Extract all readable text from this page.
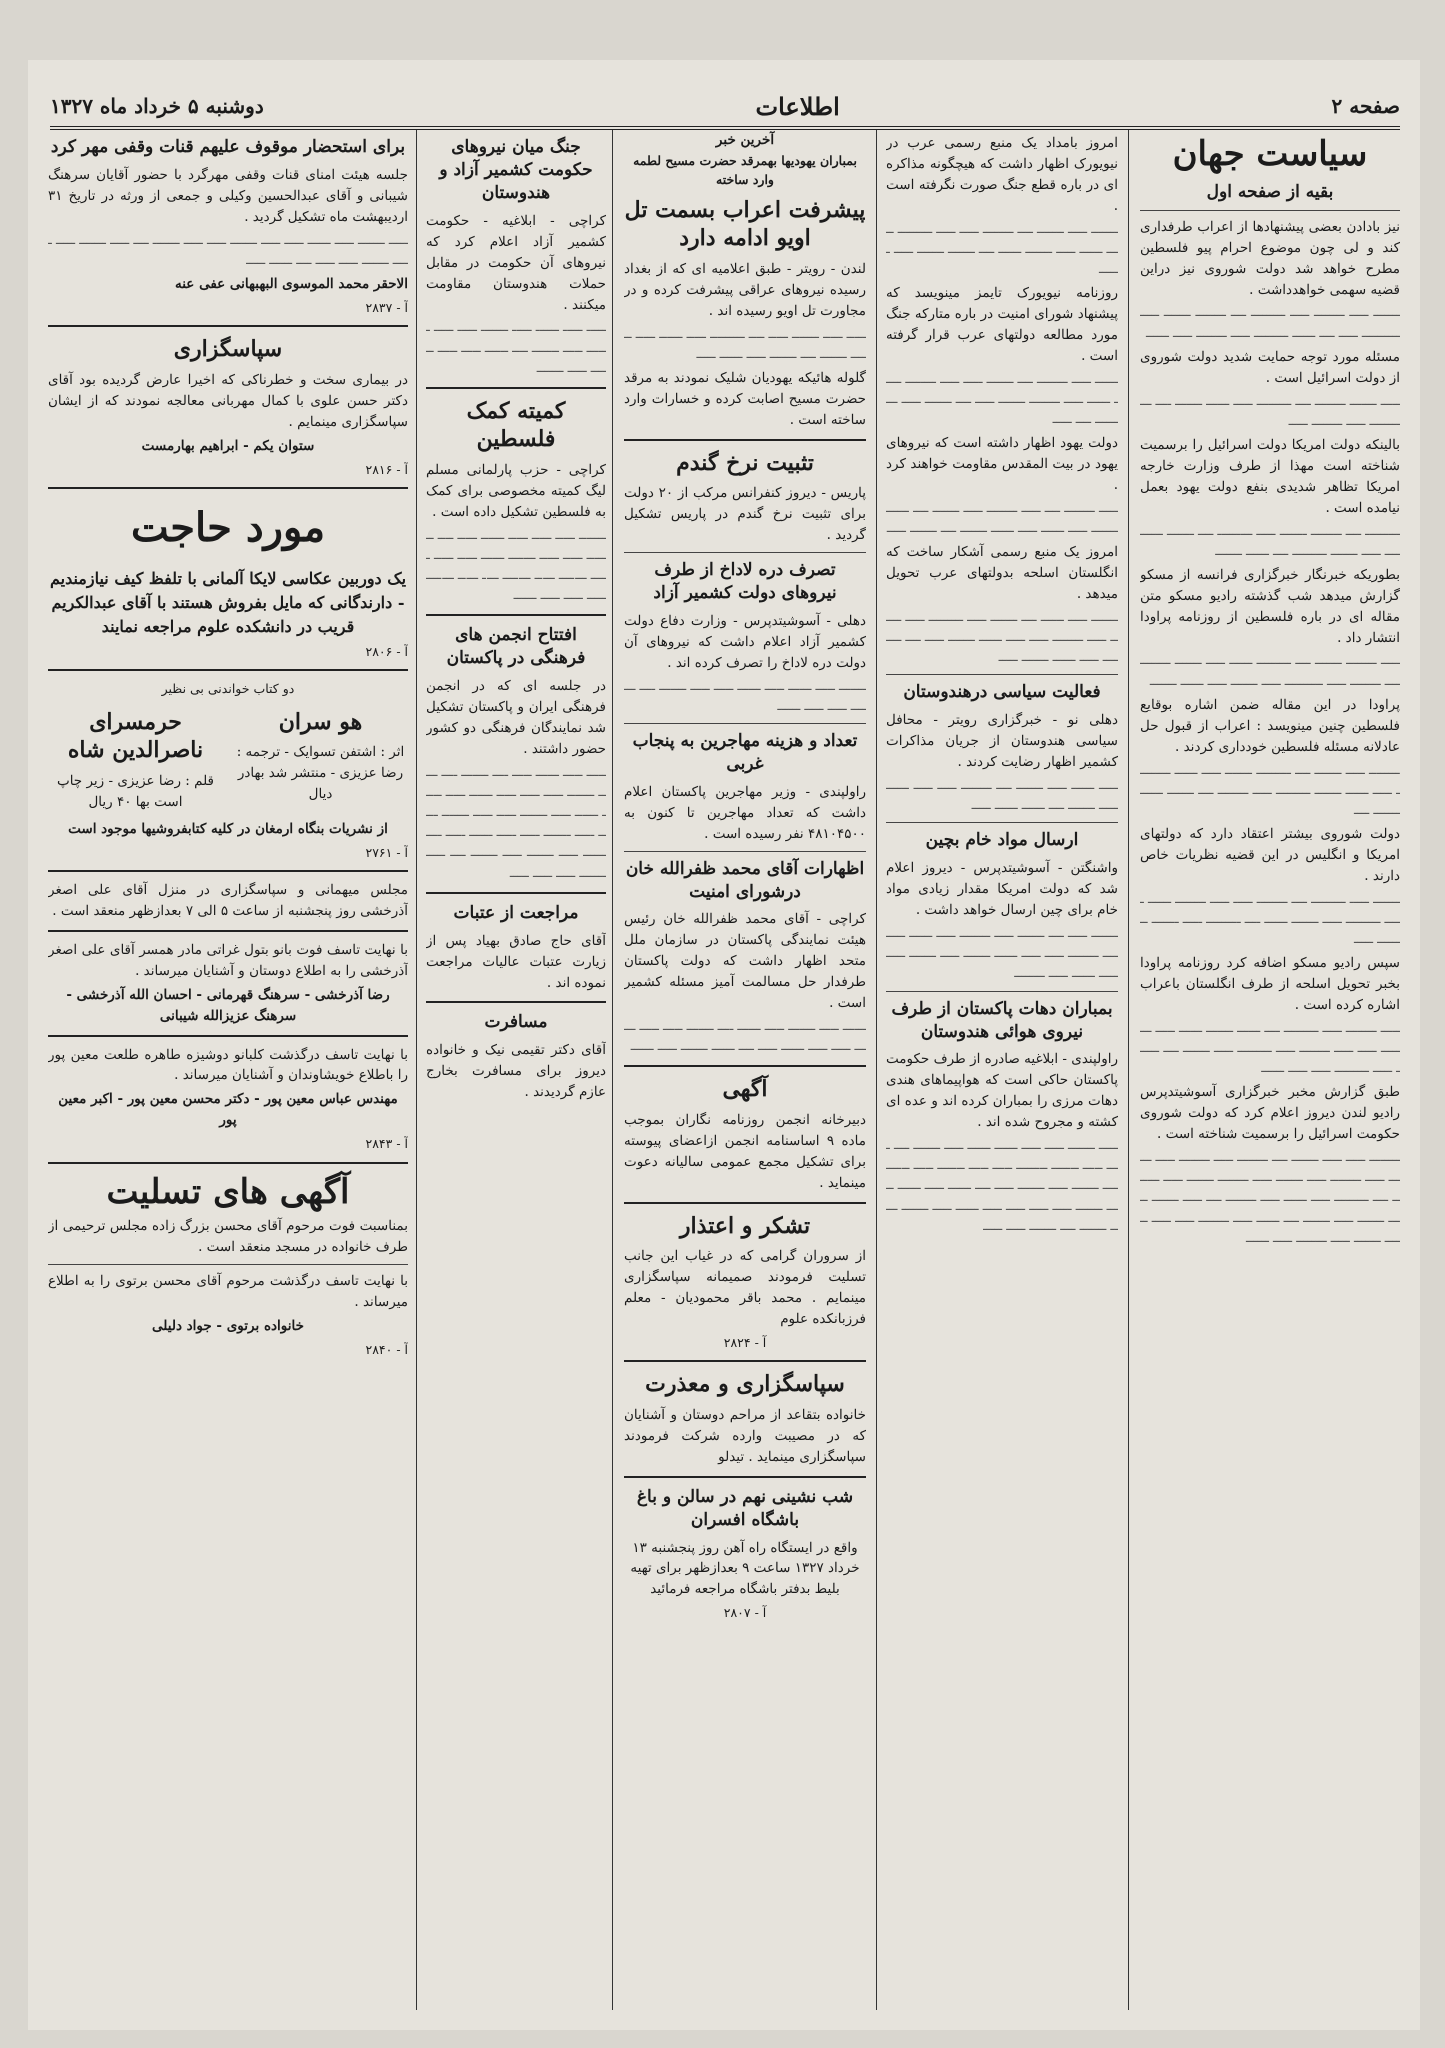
صفحه ۲
اطلاعات
دوشنبه ۵ خرداد ماه ۱۳۲۷
سیاست جهان
بقیه از صفحه اول

نیز بادادن بعضی پیشنهادها از اعراب طرفداری کند و لی چون موضوع احرام پیو فلسطین مطرح خواهد شد دولت شوروی نیز دراین قضیه سهمی خواهدداشت .

ـــــــ ـــــ ــــــــ ـــــ ـــــــــ ــــ ــــــــ ـــــــ ـــــ ــــــــــ ـــــ ــــ ــــــ ـــــــــ ـــــ ــــــــ ـــــ ــــــ

مسئله مورد توجه حمایت شدید دولت شوروی از دولت اسرائیل است .

ـــــ ـــــــ ــــــــ ــــ ـــــــــ ـــــ ــــــ ـــــــ ــــ ـــــــــــ ـــــ ــــــــ ـــــ

بالینکه دولت امریکا دولت اسرائیل را برسمیت شناخته است مهذا از طرف وزارت خارجه امریکا تظاهر شدیدی بنفع دولت یهود بعمل نیامده است .

ـــــــــ ــــ ــــــــ ـــــــ ـــــ ـــــــــ ــــ ـــــــ ــــــــــ ـــــ ـــــــ ـــــــــ ــــ ــــــ ـــــــ

بطوریکه خبرنگار خبرگزاری فرانسه از مسکو گزارش میدهد شب گذشته رادیو مسکو متن مقاله ای در باره فلسطین از روزنامه پراودا انتشار داد .

ـــــ ــــــــ ـــــــ ــــ ـــــــــ ــــــ ـــــ ـــــــ ــــــــ ــــ ــــــــ ـــــ ــــــــــ ـــــ ـــــــ ـــــ ــــــ ـــــــ

پراودا در این مقاله ضمن اشاره بوقایع فلسطین چنین مینویسد : اعراب از قبول حل عادلانه مسئله فلسطین خودداری کردند .

ــــــــ ـــــ ـــــــ ــــ ـــــــــ ـــــــ ـــــ ــــــ ـــــــــ ـــــ ــــــ ـــــــ ـــــــــ ـــــ ــــــــ ــــ ـــــــ ــــــ ـــــــ ــــ

دولت شوروی بیشتر اعتقاد دارد که دولتهای امریکا و انگلیس در این قضیه نظریات خاص دارند .

ـــــــ ـــــ ـــــــــ ــــ ــــــــ ـــــ ـــــ ــــــــ ــــــ ـــــ ـــــــــ ـــــ ـــــــ ــــــ ــــ ـــــــــ ـــــ ـــــــ ــــــــ ـــــ

سپس رادیو مسکو اضافه کرد روزنامه پراودا بخبر تحویل اسلحه از طرف انگلستان باعراب اشاره کرده است .

ـــــ ــــــــ ـــــ ـــــــــ ــــ ــــــ ـــــــ ــــــ ـــــ ــــــــ ـــــ ـــــ ــــــــ ـــــ ـــــــــ ـــــ ـــــــ ــــ ــــــ ـــــ ـــــــــ ـــــ ـــــ ــــــ

طبق گزارش مخبر خبرگزاری آسوشیتدپرس رادیو لندن دیروز اعلام کرد که دولت شوروی حکومت اسرائیل را برسمیت شناخته است .

ــــــــ ـــــ ـــــ ـــــــ ــــ ــــــــ ـــــ ــــــــ ـــــ ــــــ ـــــ ــــــــ ـــــ ـــــــ ـــــ ــــــــ ـــــــ ـــــ ـــــــ ــــ ـــــــــ ـــــ ــــــ ـــــ ــــــــ ــــ ـــــ ـــــــ ـــــ ـــــــ ـــــ ـــــــ ــــ ــــــ ـــــ ــــــــ ـــــ ـــــ ــــــ ـــــــ ـــــ ــــــــ ـــــ ــــــ

امروز بامداد یک منبع رسمی عرب در نیویورک اظهار داشت که هیچگونه مذاکره ای در باره قطع جنگ صورت نگرفته است .

ـــــــ ـــــ ـــــــ ــــ ــــــــ ـــــ ـــــ ـــــــــ ـــــ ــــــ ـــــ ـــــــ ــــــ ــــ ـــــــ ـــــــ ـــــ ــــــ

روزنامه نیویورک تایمز مینویسد که پیشنهاد شورای امنیت در باره متارکه جنگ مورد مطالعه دولتهای عرب قرار گرفته است .

ــــــ ـــــ ــــــــ ــــ ـــــــ ـــــ ـــــ ــــــــ ـــــ ــــــ ـــــ ــــــــ ـــــــ ـــــ ــــ ـــــــ ـــــ ـــــــــ ــــ ـــــ

دولت یهود اظهار داشته است که نیروهای یهود در بیت المقدس مقاومت خواهند کرد .

ـــــ ــــــــ ــــ ـــــ ــــــــ ـــــ ـــــــ ــــ ــــــ ـــــــ ـــــ ــــــ ـــــ ــــــ ـــــــ ــــ ـــــــ ـــــ

امروز یک منبع رسمی آشکار ساخت که انگلستان اسلحه بدولتهای عرب تحویل میدهد .

ـــــــ ـــــ ــــــ ــــ ـــــــ ـــــ ـــــــــ ـــــ ــــــ ـــــ ــــــــ ـــــ ـــــ ــــــ ـــــــ ـــــ ــــ ــــــــ ـــــ ــــــ ـــــــ ـــــ

فعالیت سیاسی درهندوستان

دهلی نو - خبرگزاری رویتر - محافل سیاسی هندوستان از جریان مذاکرات کشمیر اظهار رضایت کردند .

ـــــ ــــــ ـــــ ـــــــ ــــ ــــــــ ـــــ ـــــ ــــــ ـــــ ـــــــ ــــ ــــــ ــــــ ـــــ

ارسال مواد خام بچین

واشنگتن - آسوشیتدپرس - دیروز اعلام شد که دولت امریکا مقدار زیادی مواد خام برای چین ارسال خواهد داشت .

ـــــــ ـــــ ــــ ـــــــ ـــــ ــــــــ ـــــ ــــــ ـــــ ــــ ــــــــ ـــــ ـــــ ــــــ ـــــــ ـــــ ـــــــ ـــــ ـــــ ــــــ ـــــ ــــــــ

بمباران دهات پاکستان از طرف نیروی هوائی هندوستان

راولپندی - ابلاغیه صادره از طرف حکومت پاکستان حاکی است که هواپیماهای هندی دهات مرزی را بمباران کرده اند و عده ای کشته و مجروح شده اند .

ـــــ ـــــــ ـــــ ـــــ ــــــ ــــــ ـــــ ـــــــ ــــ ــــ ـــــ ـــــــ ــــــــ ـــــ ـــــ ـــــــ ـــــ ــــــ ــــ ـــــــ ـــــ ـــــــ ـــــ ــــ ــــــ ـــــ ــــــ ـــــ ـــــــ ـــــ ـــــ ـــــ ـــــ ــــــ ـــــ ـــــــ ـــــ ـــــــ ــــ ـــــــ ـــــ ـــــ

آخرین خبر
بمباران یهودیها بهمرقد حضرت مسیح لطمه وارد ساخته
پیشرفت اعراب بسمت تل اویو ادامه دارد

لندن - رویتر - طبق اعلامیه ای که از بغداد رسیده نیروهای عراقی پیشرفت کرده و در مجاورت تل اویو رسیده اند .

ـــــ ـــــ ـــــــ ـــــ ــــ ـــــــــ ـــــ ــــــ ـــــ ــــــ ـــــــ ــــ ـــــــ ـــــ ــــــ ـــــ

گلوله هائیکه یهودیان شلیک نمودند به مرقد حضرت مسیح اصابت کرده و خسارات وارد ساخته است .

تثبیت نرخ گندم

پاریس - دیروز کنفرانس مرکب از ۲۰ دولت برای تثبیت نرخ گندم در پاریس تشکیل گردید .

تصرف دره لاداخ از طرف نیروهای دولت کشمیر آزاد

دهلی - آسوشیتدپرس - وزارت دفاع دولت کشمیر آزاد اعلام داشت که نیروهای آن دولت دره لاداخ را تصرف کرده اند .

ـــــــ ـــــ ــــــ ـــــ ــــــ ـــــ ـــــ ـــــــ ــــ ـــــــ ـــــ ـــــ ــــــ

تعداد و هزینه مهاجرین به پنجاب غربی

راولپندی - وزیر مهاجرین پاکستان اعلام داشت که تعداد مهاجرین تا کنون به ۴۸۱۰۴۵۰۰ نفر رسیده است .

اظهارات آقای محمد ظفرالله خان درشورای امنیت

کراچی - آقای محمد ظفرالله خان رئیس هیئت نمایندگی پاکستان در سازمان ملل متحد اظهار داشت که دولت پاکستان طرفدار حل مسالمت آمیز مسئله کشمیر است .

ــــــ ـــــ ـــــــ ـــــ ــــــ ــــ ـــــــ ـــــ ـــــ ــــــ ـــــ ـــــ ــــــ ـــــ ــــ ــــــ ـــــــ ـــــ ــــــ

آگهی

دبیرخانه انجمن روزنامه نگاران بموجب ماده ۹ اساسنامه انجمن ازاعضای پیوسته برای تشکیل مجمع عمومی سالیانه دعوت مینماید .

تشکر و اعتذار

از سروران گرامی که در غیاب این جانب تسلیت فرمودند صمیمانه سپاسگزاری مینمایم . محمد باقر محمودیان - معلم فرزبانکده علوم

آ - ۲۸۲۴

سپاسگزاری و معذرت

خانواده بتقاعد از مراحم دوستان و آشنایان که در مصیبت وارده شرکت فرمودند سپاسگزاری مینماید . تیدلو

شب نشینی نهم در سالن و باغ باشگاه افسران

واقع در ایستگاه راه آهن روز پنجشنبه ۱۳ خرداد ۱۳۲۷ ساعت ۹ بعدازظهر برای تهیه بلیط بدفتر باشگاه مراجعه فرمائید

آ - ۲۸۰۷

جنگ میان نیروهای حکومت کشمیر آزاد و هندوستان

کراچی - ابلاغیه - حکومت کشمیر آزاد اعلام کرد که نیروهای آن حکومت در مقابل حملات هندوستان مقاومت میکنند .

ـــــ ـــــ ــــــ ـــــ ـــــــ ـــــ ـــــ ــــــ ـــــ ـــــــ ــــ ــــــ ـــــ ـــــ ــــــ ـــــ ـــــــ

کمیته کمک فلسطین

کراچی - حزب پارلمانی مسلم لیگ کمیته مخصوصی برای کمک به فلسطین تشکیل داده است .

ـــــــ ـــــ ـــــ ـــــ ــــــ ـــــ ــــ ـــــــ ـــــ ـــــ ـــــــ ــــــ ـــــ ـــــ ـــــ ـــــــ ـــــ ـــــــ ــــ ـــــ ـــــــ ـــــ ـــــ ـــــ ــــــ

افتتاح انجمن های فرهنگی در پاکستان

در جلسه ای که در انجمن فرهنگی ایران و پاکستان تشکیل شد نمایندگان فرهنگی دو کشور حضور داشتند .

ـــــ ـــــ ــــــ ـــــ ــــ ـــــــ ــــ ـــــ ـــــــ ـــــ ـــــ ـــــ ــــــ ـــــ ـــــ ــــــ ـــــ ـــــــ ـــــ ـــــ ـــــــ ـــــ ـــــ ـــــــ ـــــ ـــــ ــــــ ـــــ ــــ ــــــ ـــــ ـــــــ ـــــ ـــــــ ــــ ـــــ ـــــــ ـــــ ـــــ ـــــ

مراجعت از عتبات

آقای حاج صادق بهیاد پس از زیارت عتبات عالیات مراجعت نموده اند .

مسافرت

آقای دکتر تقیمی نیک و خانواده دیروز برای مسافرت بخارج عازم گردیدند .

برای استحضار موقوف علیهم قنات وقفی مهر کرد

جلسه هیئت امنای قنات وقفی مهرگرد با حضور آقایان سرهنگ شیبانی و آقای عبدالحسین وکیلی و جمعی از ورثه در تاریخ ۳۱ اردیبهشت ماه تشکیل گردید .

ـــــ ـــــــ ـــــ ــــــ ـــــ ـــــ ـــــــ ـــــ ـــــ ـــــــ ــــ ـــــ ـــــــ ـــــ ـــــ ـــــــ ـــــ ـــــ ــــ ــــــ ـــــ

الاحقر محمد الموسوی البهبهانی عفی عنه

آ - ۲۸۳۷

سپاسگزاری

در بیماری سخت و خطرناکی که اخیرا عارض گردیده بود آقای دکتر حسن علوی با کمال مهربانی معالجه نمودند که از ایشان سپاسگزاری مینمایم .

ستوان یکم - ابراهیم بهارمست

آ - ۲۸۱۶

مورد حاجت

یک دوربین عکاسی لایکا آلمانی با تلفظ کیف نیازمندیم - دارندگانی که مایل بفروش هستند با آقای عبدالکریم قریب در دانشکده علوم مراجعه نمایند

آ - ۲۸۰۶

دو کتاب خواندنی بی نظیر

هو سران

اثر : اشتفن تسوایک - ترجمه : رضا عزیزی - منتشر شد بهادر دیال

حرمسرای ناصرالدین شاه

قلم : رضا عزیزی - زیر چاپ است بها ۴۰ ریال

از نشریات بنگاه ارمغان در کلیه کتابفروشیها موجود است

آ - ۲۷۶۱

مجلس میهمانی و سپاسگزاری در منزل آقای علی اصغر آذرخشی روز پنجشنبه از ساعت ۵ الی ۷ بعدازظهر منعقد است .

با نهایت تاسف فوت بانو بتول غراتی مادر همسر آقای علی اصغر آذرخشی را به اطلاع دوستان و آشنایان میرساند .

رضا آذرخشی - سرهنگ قهرمانی - احسان الله آذرخشی - سرهنگ عزیزالله شیبانی

با نهایت تاسف درگذشت کلبانو دوشیزه طاهره طلعت معین پور را باطلاع خویشاوندان و آشنایان میرساند .

مهندس عباس معین پور - دکتر محسن معین پور - اکبر معین پور

آ - ۲۸۴۳

آگهی های تسلیت

بمناسبت فوت مرحوم آقای محسن بزرگ زاده مجلس ترحیمی از طرف خانواده در مسجد منعقد است .

با نهایت تاسف درگذشت مرحوم آقای محسن برتوی را به اطلاع میرساند .

خانواده برتوی - جواد دلیلی

آ - ۲۸۴۰
